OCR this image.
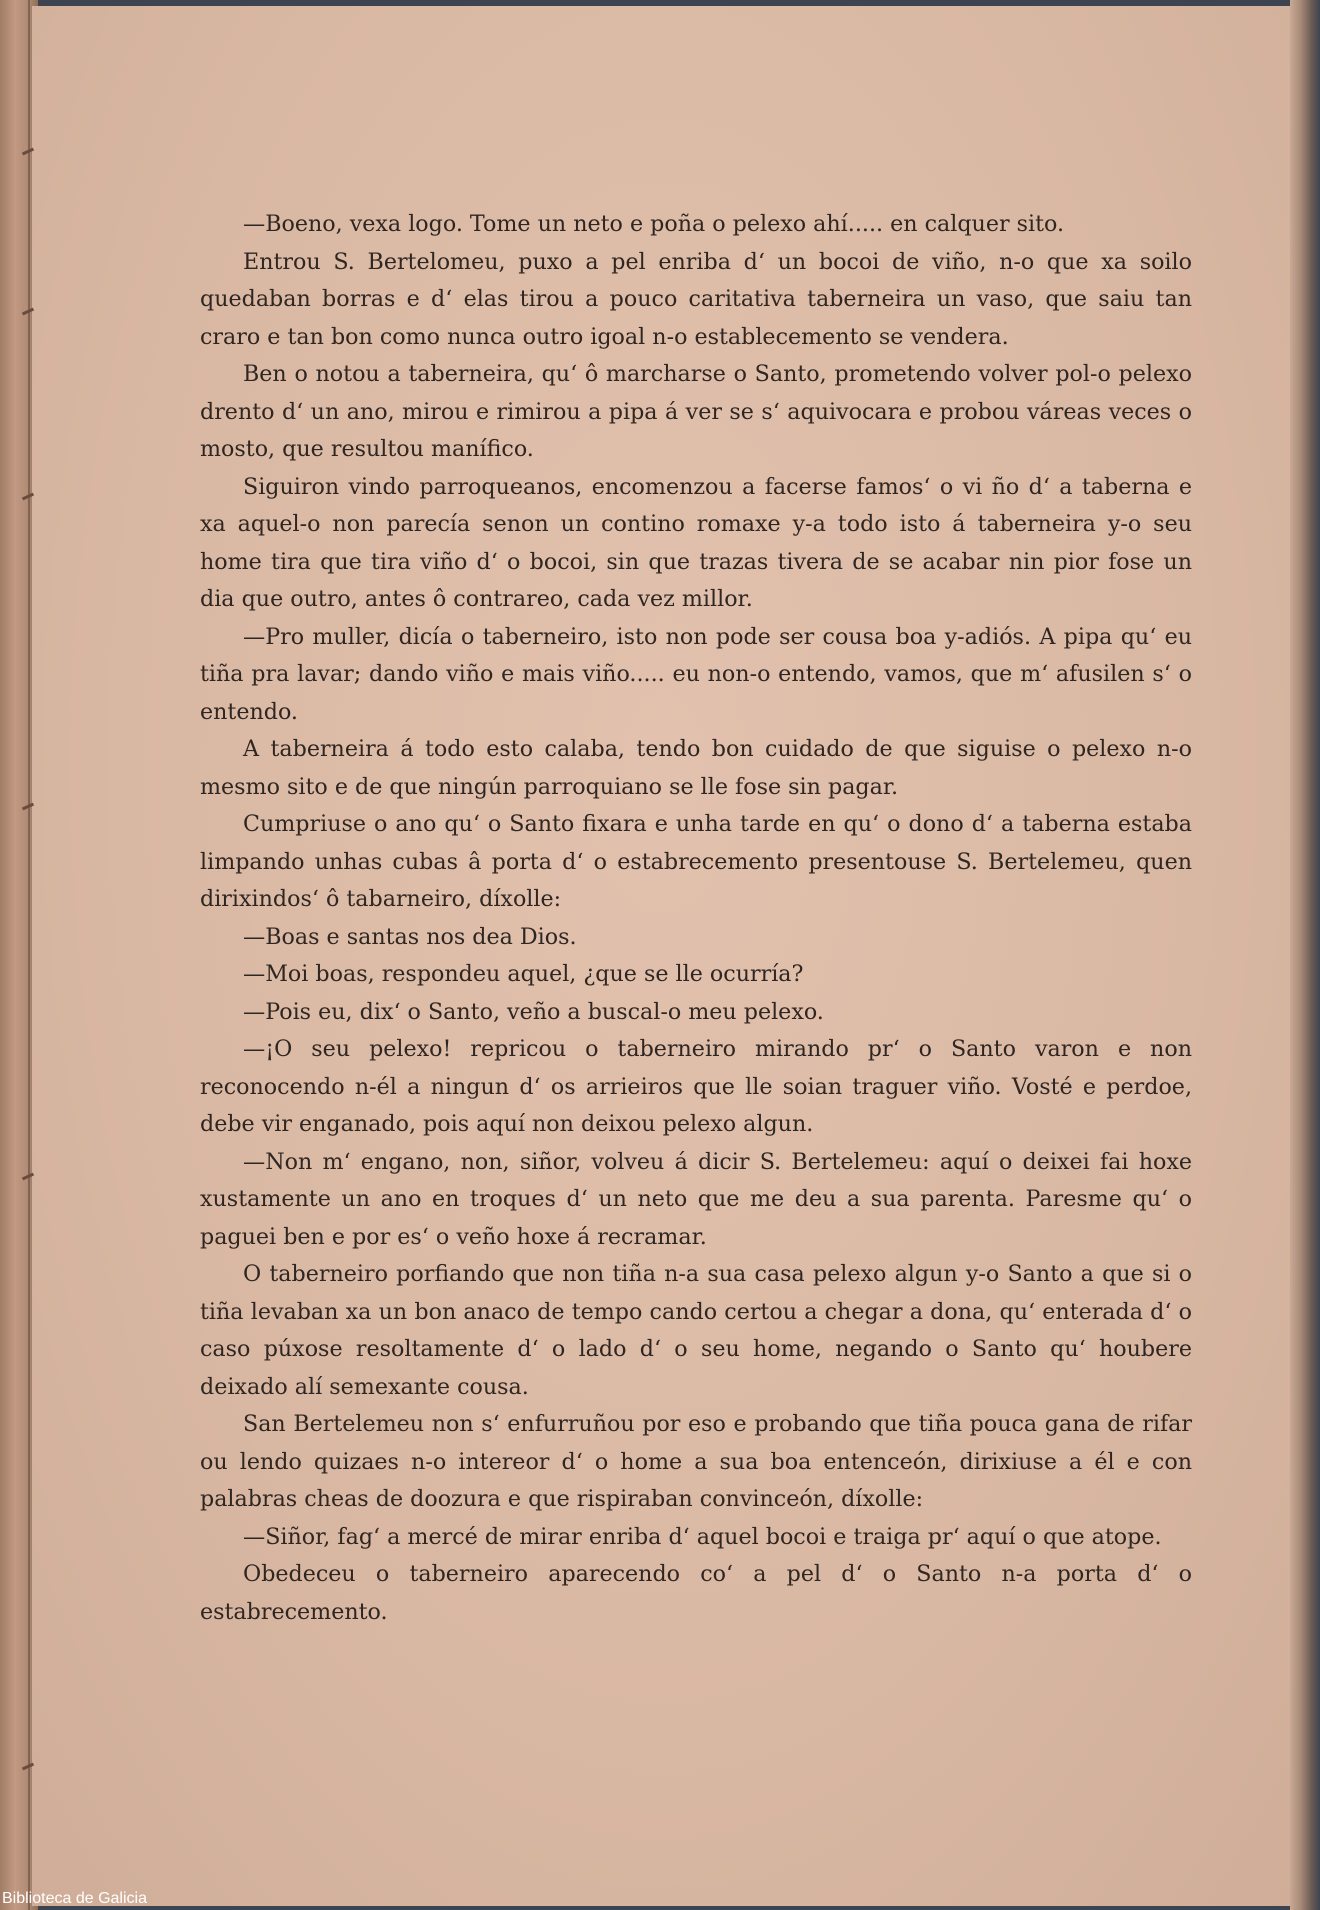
—Boeno, vexa logo. Tome un neto e poña o pelexo ahí..... en calquer sito.

Entrou S. Bertelomeu, puxo a pel enriba d‘ un bocoi de viño, n-o que xa soilo quedaban borras e d‘ elas tirou a pouco caritativa taberneira un vaso, que saiu tan craro e tan bon como nunca outro igoal n-o establecemento se vendera.

Ben o notou a taberneira, qu‘ ô marcharse o Santo, prometendo volver pol-o pelexo drento d‘ un ano, mirou e rimirou a pipa á ver se s‘ aquivocara e probou váreas veces o mosto, que resultou manífico.

Siguiron vindo parroqueanos, encomenzou a facerse famos‘ o vi ño d‘ a taberna e xa aquel-o non parecía senon un contino romaxe y-a todo isto á taberneira y-o seu home tira que tira viño d‘ o bocoi, sin que trazas tivera de se acabar nin pior fose un dia que outro, antes ô contrareo, cada vez millor.

—Pro muller, dicía o taberneiro, isto non pode ser cousa boa y-adiós. A pipa qu‘ eu tiña pra lavar; dando viño e mais viño..... eu non-o entendo, vamos, que m‘ afusilen s‘ o entendo.

A taberneira á todo esto calaba, tendo bon cuidado de que siguise o pelexo n-o mesmo sito e de que ningún parroquiano se lle fose sin pagar.

Cumpriuse o ano qu‘ o Santo fixara e unha tarde en qu‘ o dono d‘ a taberna estaba limpando unhas cubas â porta d‘ o estabrecemento presentouse S. Bertelemeu, quen dirixindos‘ ô tabarneiro, díxolle:

—Boas e santas nos dea Dios.

—Moi boas, respondeu aquel, ¿que se lle ocurría?

—Pois eu, dix‘ o Santo, veño a buscal-o meu pelexo.

—¡O seu pelexo! repricou o taberneiro mirando pr‘ o Santo varon e non reconocendo n-él a ningun d‘ os arrieiros que lle soian traguer viño. Vosté e perdoe, debe vir enganado, pois aquí non deixou pelexo algun.

—Non m‘ engano, non, siñor, volveu á dicir S. Bertelemeu: aquí o deixei fai hoxe xustamente un ano en troques d‘ un neto que me deu a sua parenta. Paresme qu‘ o paguei ben e por es‘ o veño hoxe á recramar.

O taberneiro porfiando que non tiña n-a sua casa pelexo algun y-o Santo a que si o tiña levaban xa un bon anaco de tempo cando certou a chegar a dona, qu‘ enterada d‘ o caso púxose resoltamente d‘ o lado d‘ o seu home, negando o Santo qu‘ houbere deixado alí semexante cousa.

San Bertelemeu non s‘ enfurruñou por eso e probando que tiña pouca gana de rifar ou lendo quizaes n-o intereor d‘ o home a sua boa entenceón, dirixiuse a él e con palabras cheas de doozura e que rispiraban convinceón, díxolle:

—Siñor, fag‘ a mercé de mirar enriba d‘ aquel bocoi e traiga pr‘ aquí o que atope.

Obedeceu o taberneiro aparecendo co‘ a pel d‘ o Santo n-a porta d‘ o estabrecemento.

Biblioteca de Galicia
